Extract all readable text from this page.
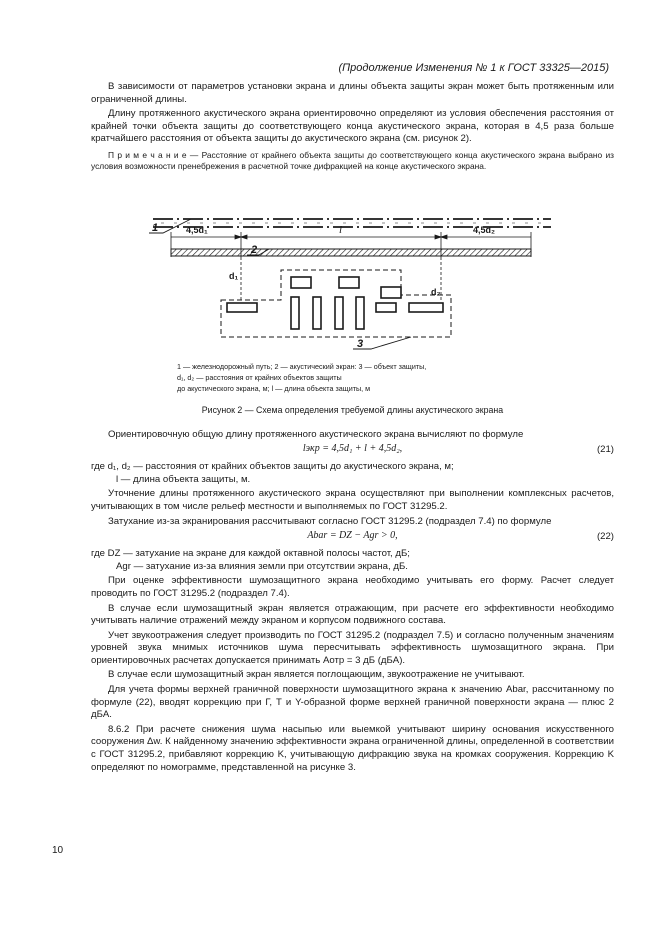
(Продолжение Изменения № 1 к ГОСТ 33325—2015)

В зависимости от параметров установки экрана и длины объекта защиты экран может быть протяженным или ограниченной длины.

Длину протяженного акустического экрана ориентировочно определяют из условия обеспечения расстояния от крайней точки объекта защиты до соответствующего конца акустического экрана, которая в 4,5 раза больше кратчайшего расстояния от объекта защиты до акустического экрана (см. рисунок 2).

П р и м е ч а н и е — Расстояние от крайнего объекта защиты до соответствующего конца акустического экрана выбрано из условия возможности пренебрежения в расчетной точке дифракцией на конце акустического экрана.

4,5d₁	l	4,5d₂
d₁
d₂
1
2
3
1 — железнодорожный путь; 2 — акустический экран: 3 — объект защиты,
d₁, d₂ — расстояния от крайних объектов защиты
до акустического экрана, м; l — длина объекта защиты, м
Рисунок 2 — Схема определения требуемой длины акустического экрана

Ориентировочную общую длину протяженного акустического экрана вычисляют по формуле

lэкр = 4,5d₁ + l + 4,5d₂,	(21)

где d₁, d₂ — расстояния от крайних объектов защиты до акустического экрана, м;

l — длина объекта защиты, м.

Уточнение длины протяженного акустического экрана осуществляют при выполнении комплексных расчетов, учитывающих в том числе рельеф местности и выполняемых по ГОСТ 31295.2.

Затухание из-за экранирования рассчитывают согласно ГОСТ 31295.2 (подраздел 7.4) по формуле

Abar = DZ − Agr > 0,	(22)

где DZ — затухание на экране для каждой октавной полосы частот, дБ;

Agr — затухание из-за влияния земли при отсутствии экрана, дБ.

При оценке эффективности шумозащитного экрана необходимо учитывать его форму. Расчет следует проводить по ГОСТ 31295.2 (подраздел 7.4).

В случае если шумозащитный экран является отражающим, при расчете его эффективности необходимо учитывать наличие отражений между экраном и корпусом подвижного состава.

Учет звукоотражения следует производить по ГОСТ 31295.2 (подраздел 7.5) и согласно полученным значениям уровней звука мнимых источников шума пересчитывать эффективность шумозащитного экрана. При ориентировочных расчетах допускается принимать Aотр = 3 дБ (дБA).

В случае если шумозащитный экран является поглощающим, звукоотражение не учитывают.

Для учета формы верхней граничной поверхности шумозащитного экрана к значению Abar, рассчитанному по формуле (22), вводят коррекцию при Г, Т и Y-образной форме верхней граничной поверхности экрана — плюс 2 дБA.

8.6.2 При расчете снижения шума насыпью или выемкой учитывают ширину основания искусственного сооружения Δw. К найденному значению эффективности экрана ограниченной длины, определенной в соответствии с ГОСТ 31295.2, прибавляют коррекцию K, учитывающую дифракцию звука на кромках сооружения. Коррекцию K определяют по номограмме, представленной на рисунке 3.

10
